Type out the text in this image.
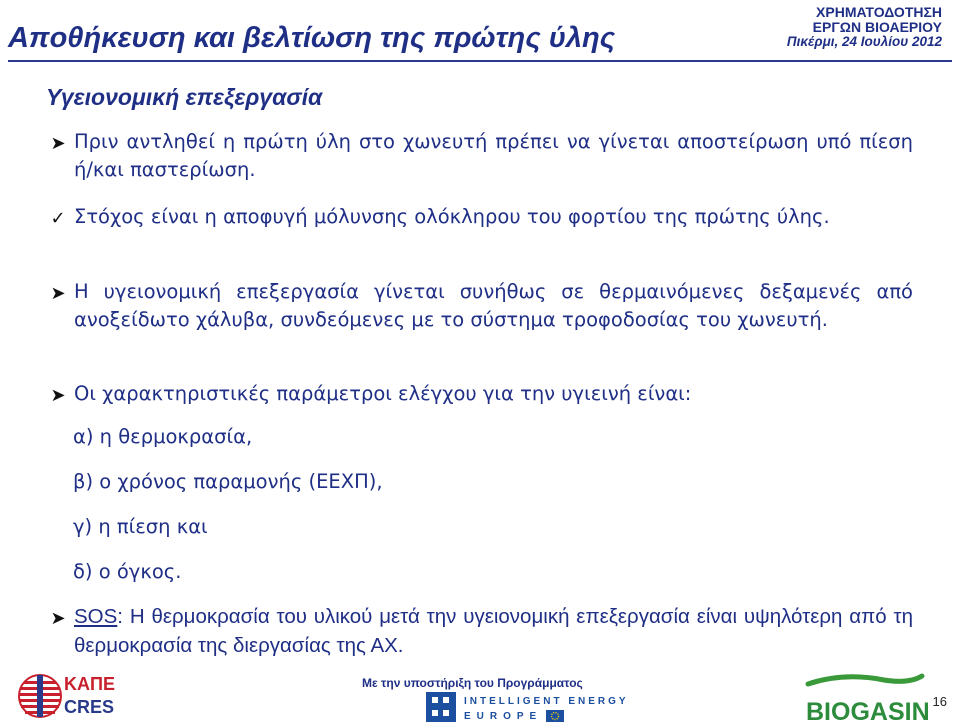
Αποθήκευση και βελτίωση της πρώτης ύλης
ΧΡΗΜΑΤΟΔΟΤΗΣΗ
ΕΡΓΩΝ ΒΙΟΑΕΡΙΟΥ
Πικέρμι, 24 Ιουλίου 2012
Υγειονομική επεξεργασία
➤ Πριν αντληθεί η πρώτη ύλη στο χωνευτή πρέπει να γίνεται αποστείρωση υπό πίεση ή/και παστερίωση.
✓ Στόχος είναι η αποφυγή μόλυνσης ολόκληρου του φορτίου της πρώτης ύλης.
➤ Η υγειονομική επεξεργασία γίνεται συνήθως σε θερμαινόμενες δεξαμενές από ανοξείδωτο χάλυβα, συνδεόμενες με το σύστημα τροφοδοσίας του χωνευτή.
➤ Οι χαρακτηριστικές παράμετροι ελέγχου για την υγιεινή είναι:
α) η θερμοκρασία,
β) ο χρόνος παραμονής (ΕΕΧΠ),
γ) η πίεση και
δ) ο όγκος.
➤ SOS: Η θερμοκρασία του υλικού μετά την υγειονομική επεξεργασία είναι υψηλότερη από τη θερμοκρασία της διεργασίας της ΑΧ.
ΚΑΠΕ
CRES
Με την υποστήριξη του Προγράμματος
INTELLIGENT ENERGY
EUROPE	BIOGASIN 16
